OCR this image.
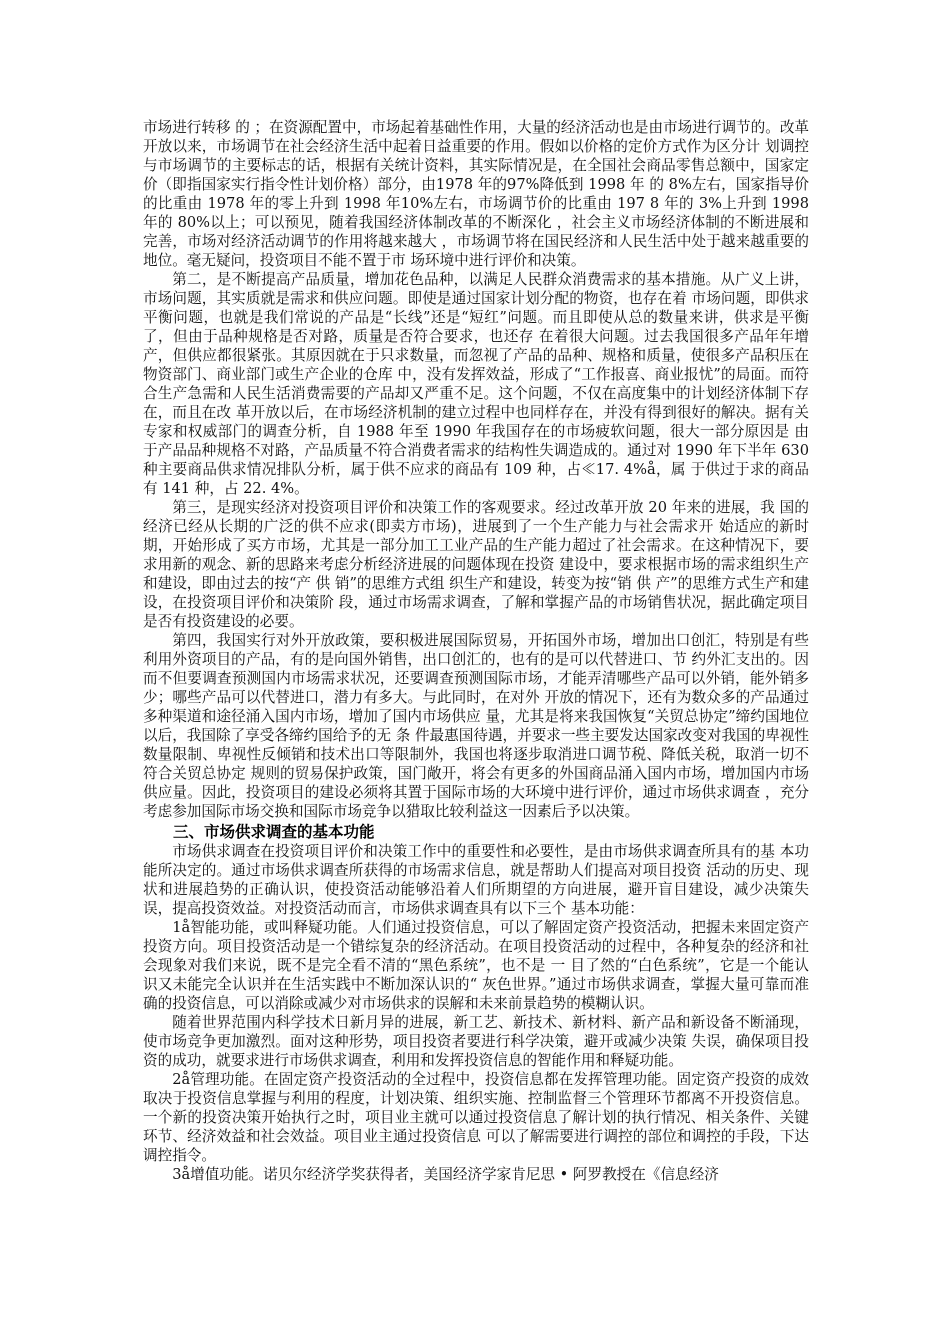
市场进行转移 的 ；在资源配置中，市场起着基础性作用，大量的经济活动也是由市场进行调节的。改革开放以来，市场调节在社会经济生活中起着日益重要的作用。假如以价格的定价方式作为区分计 划调控与市场调节的主要标志的话，根据有关统计资料，其实际情况是，在全国社会商品零售总额中，国家定价（即指国家实行指令性计划价格）部分，由1978 年的97%降低到 1998 年 的 8%左右，国家指导价的比重由 1978 年的零上升到 1998 年10%左右，市场调节价的比重由 197 8 年的 3%上升到 1998 年的 80%以上；可以预见，随着我国经济体制改革的不断深化 ，社会主义市场经济体制的不断进展和完善，市场对经济活动调节的作用将越来越大 ，市场调节将在国民经济和人民生活中处于越来越重要的地位。毫无疑问，投资项目不能不置于市 场环境中进行评价和决策。

第二，是不断提高产品质量，增加花色品种，以满足人民群众消费需求的基本措施。从广义上讲，市场问题，其实质就是需求和供应问题。即使是通过国家计划分配的物资，也存在着 市场问题，即供求平衡问题，也就是我们常说的产品是“长线”还是“短红”问题。而且即使从总的数量来讲，供求是平衡了，但由于品种规格是否对路，质量是否符合要求，也还存 在着很大问题。过去我国很多产品年年增产，但供应都很紧张。其原因就在于只求数量，而忽视了产品的品种、规格和质量，使很多产品积压在物资部门、商业部门或生产企业的仓库 中，没有发挥效益，形成了“工作报喜、商业报忧”的局面。而符合生产急需和人民生活消费需要的产品却又严重不足。这个问题，不仅在高度集中的计划经济体制下存在，而且在改 革开放以后，在市场经济机制的建立过程中也同样存在，并没有得到很好的解决。据有关专家和权威部门的调查分析，自 1988 年至 1990 年我国存在的市场疲软问题，很大一部分原因是 由于产品品种规格不对路，产品质量不符合消费者需求的结构性失调造成的。通过对 1990 年下半年 630 种主要商品供求情况排队分析，属于供不应求的商品有 109 种，占≪17. 4%å，属 于供过于求的商品有 141 种，占 22. 4%。

第三，是现实经济对投资项目评价和决策工作的客观要求。经过改革开放 20 年来的进展，我 国的经济已经从长期的广泛的供不应求(即卖方市场)，进展到了一个生产能力与社会需求开 始适应的新时期，开始形成了买方市场，尤其是一部分加工工业产品的生产能力超过了社会需求。在这种情况下，要求用新的观念、新的思路来考虑分析经济进展的问题体现在投资 建设中，要求根据市场的需求组织生产和建设，即由过去的按“产 供 销”的思维方式组 织生产和建设，转变为按“销 供 产”的思维方式生产和建设，在投资项目评价和决策阶 段，通过市场需求调查，了解和掌握产品的市场销售状况，据此确定项目是否有投资建设的必要。

第四，我国实行对外开放政策，要积极进展国际贸易，开拓国外市场，增加出口创汇，特别是有些利用外资项目的产品，有的是向国外销售，出口创汇的，也有的是可以代替进口、节 约外汇支出的。因而不但要调查预测国内市场需求状况，还要调查预测国际市场，才能弄清哪些产品可以外销，能外销多少；哪些产品可以代替进口，潜力有多大。与此同时，在对外 开放的情况下，还有为数众多的产品通过多种渠道和途径涌入国内市场，增加了国内市场供应 量，尤其是将来我国恢复“关贸总协定”缔约国地位以后，我国除了享受各缔约国给予的无 条 件最惠国待遇，并要求一些主要发达国家改变对我国的卑视性数量限制、卑视性反倾销和技术出口等限制外，我国也将逐步取消进口调节税、降低关税，取消一切不符合关贸总协定 规则的贸易保护政策，国门敞开，将会有更多的外国商品涌入国内市场，增加国内市场供应量。因此，投资项目的建设必须将其置于国际市场的大环境中进行评价，通过市场供求调查 ，充分考虑参加国际市场交换和国际市场竞争以猎取比较利益这一因素后予以决策。

三、市场供求调查的基本功能

市场供求调查在投资项目评价和决策工作中的重要性和必要性，是由市场供求调查所具有的基 本功能所决定的。通过市场供求调查所获得的市场需求信息，就是帮助人们提高对项目投资 活动的历史、现状和进展趋势的正确认识，使投资活动能够沿着人们所期望的方向进展，避开盲目建设，减少决策失误，提高投资效益。对投资活动而言，市场供求调查具有以下三个 基本功能：

1å智能功能，或叫释疑功能。人们通过投资信息，可以了解固定资产投资活动，把握未来固定资产投资方向。项目投资活动是一个错综复杂的经济活动。在项目投资活动的过程中，各种复杂的经济和社会现象对我们来说，既不是完全看不清的“黑色系统”，也不是 一 目了然的“白色系统”，它是一个能认识又未能完全认识并在生活实践中不断加深认识的“ 灰色世界。”通过市场供求调查，掌握大量可靠而准确的投资信息，可以消除或减少对市场供求的误解和未来前景趋势的模糊认识。

随着世界范围内科学技术日新月异的进展，新工艺、新技术、新材料、新产品和新设备不断涌现，使市场竞争更加激烈。面对这种形势，项目投资者要进行科学决策，避开或减少决策 失误，确保项目投资的成功，就要求进行市场供求调查，利用和发挥投资信息的智能作用和释疑功能。

2å管理功能。在固定资产投资活动的全过程中，投资信息都在发挥管理功能。固定资产投资的成效取决于投资信息掌握与利用的程度，计划决策、组织实施、控制监督三个管理环节都离不开投资信息。一个新的投资决策开始执行之时，项目业主就可以通过投资信息了解计划的执行情况、相关条件、关键环节、经济效益和社会效益。项目业主通过投资信息 可以了解需要进行调控的部位和调控的手段，下达调控指令。

3å增值功能。诺贝尔经济学奖获得者，美国经济学家肯尼思 • 阿罗教授在《信息经济
